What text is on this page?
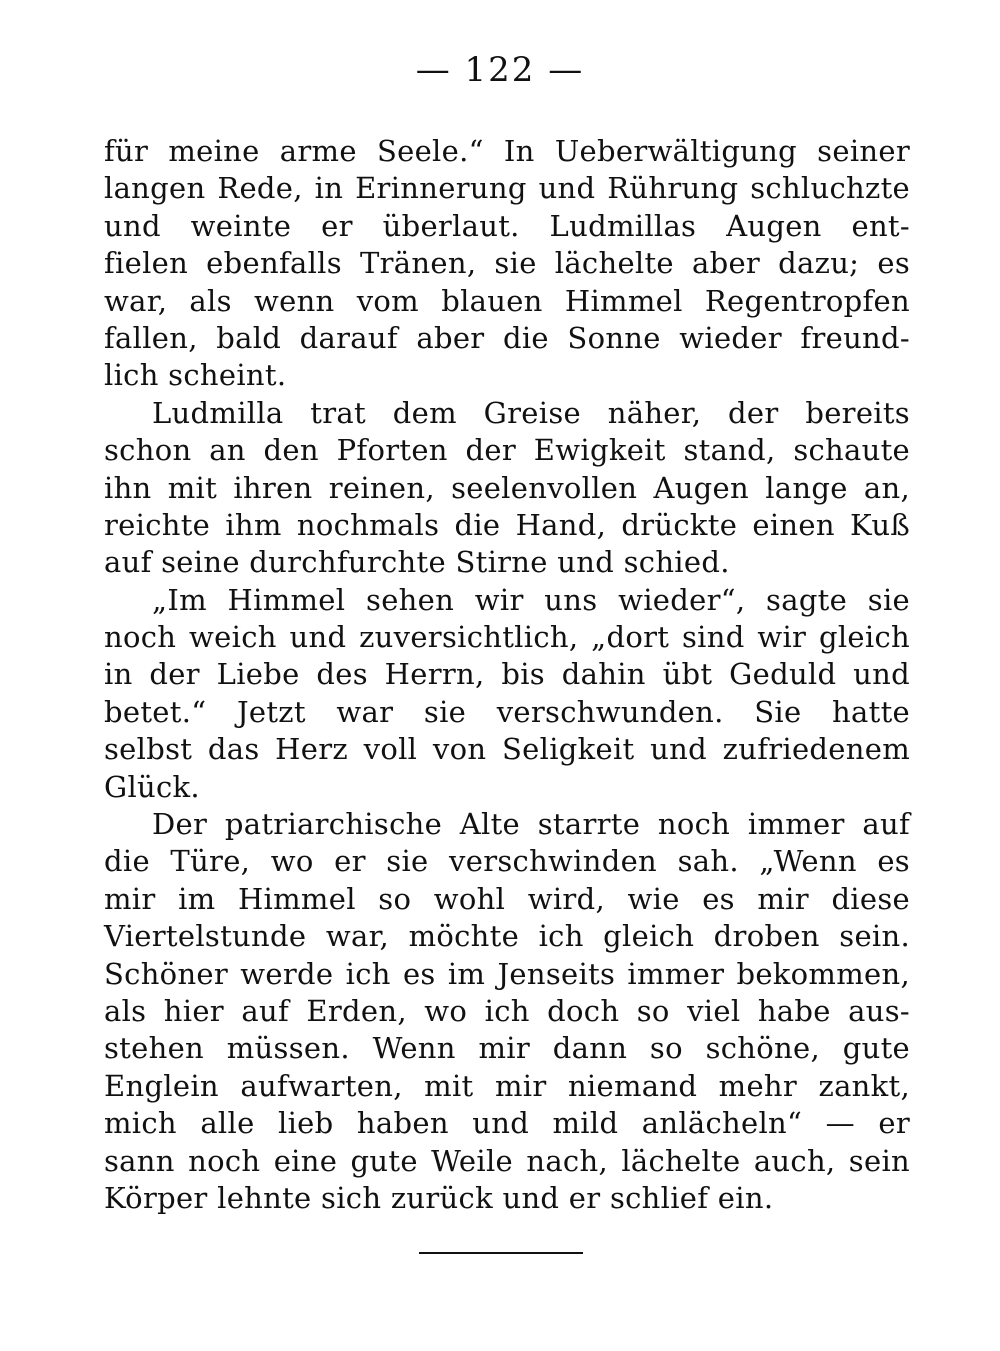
— 122 —
für meine arme Seele.“ In Ueberwältigung seiner
langen Rede, in Erinnerung und Rührung schluchzte
und weinte er überlaut. Ludmillas Augen ent-
fielen ebenfalls Tränen, sie lächelte aber dazu; es
war, als wenn vom blauen Himmel Regentropfen
fallen, bald darauf aber die Sonne wieder freund-
lich scheint.
Ludmilla trat dem Greise näher, der bereits
schon an den Pforten der Ewigkeit stand, schaute
ihn mit ihren reinen, seelenvollen Augen lange an,
reichte ihm nochmals die Hand, drückte einen Kuß
auf seine durchfurchte Stirne und schied.
„Im Himmel sehen wir uns wieder“, sagte sie
noch weich und zuversichtlich, „dort sind wir gleich
in der Liebe des Herrn, bis dahin übt Geduld und
betet.“ Jetzt war sie verschwunden. Sie hatte
selbst das Herz voll von Seligkeit und zufriedenem
Glück.
Der patriarchische Alte starrte noch immer auf
die Türe, wo er sie verschwinden sah. „Wenn es
mir im Himmel so wohl wird, wie es mir diese
Viertelstunde war, möchte ich gleich droben sein.
Schöner werde ich es im Jenseits immer bekommen,
als hier auf Erden, wo ich doch so viel habe aus-
stehen müssen. Wenn mir dann so schöne, gute
Englein aufwarten, mit mir niemand mehr zankt,
mich alle lieb haben und mild anlächeln“ — er
sann noch eine gute Weile nach, lächelte auch, sein
Körper lehnte sich zurück und er schlief ein.
